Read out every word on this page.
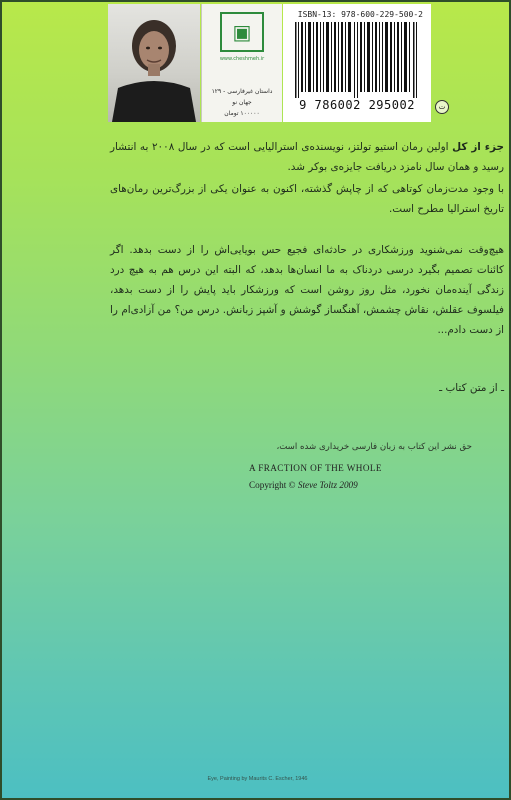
▣
www.cheshmeh.ir
داستان غیرفارسی - ۱۲۹
جهان نو
۱۰۰۰۰۰ تومان
ISBN-13: 978-600-229-500-2
9 786002 295002	ت
جزء از کل اولین رمان استیو تولتز، نویسنده‌ی استرالیایی است که در سال ۲۰۰۸ به انتشار رسید و همان سال نامزد دریافت جایزه‌ی بوکر شد.
با وجود مدت‌زمان کوتاهی که از چاپش گذشته، اکنون به عنوان یکی از بزرگ‌ترین رمان‌های تاریخ استرالیا مطرح است.
هیچ‌وقت نمی‌شنوید ورزشکاری در حادثه‌ای فجیع حس بویایی‌اش را از دست بدهد. اگر کائنات تصمیم بگیرد درسی دردناک به ما انسان‌ها بدهد، که البته این درس هم به هیچ درد زندگی آینده‌مان نخورد، مثل روز روشن است که ورزشکار باید پایش را از دست بدهد، فیلسوف عقلش، نقاش چشمش، آهنگساز گوشش و آشپز زبانش. درس من؟ من آزادی‌ام را از دست دادم...
ـ از متن کتاب ـ
حق نشر این کتاب به زبان فارسی خریداری شده است،
A FRACTION OF THE WHOLE
Copyright © Steve Toltz 2009
Eye, Painting by Maurits C. Escher, 1946
